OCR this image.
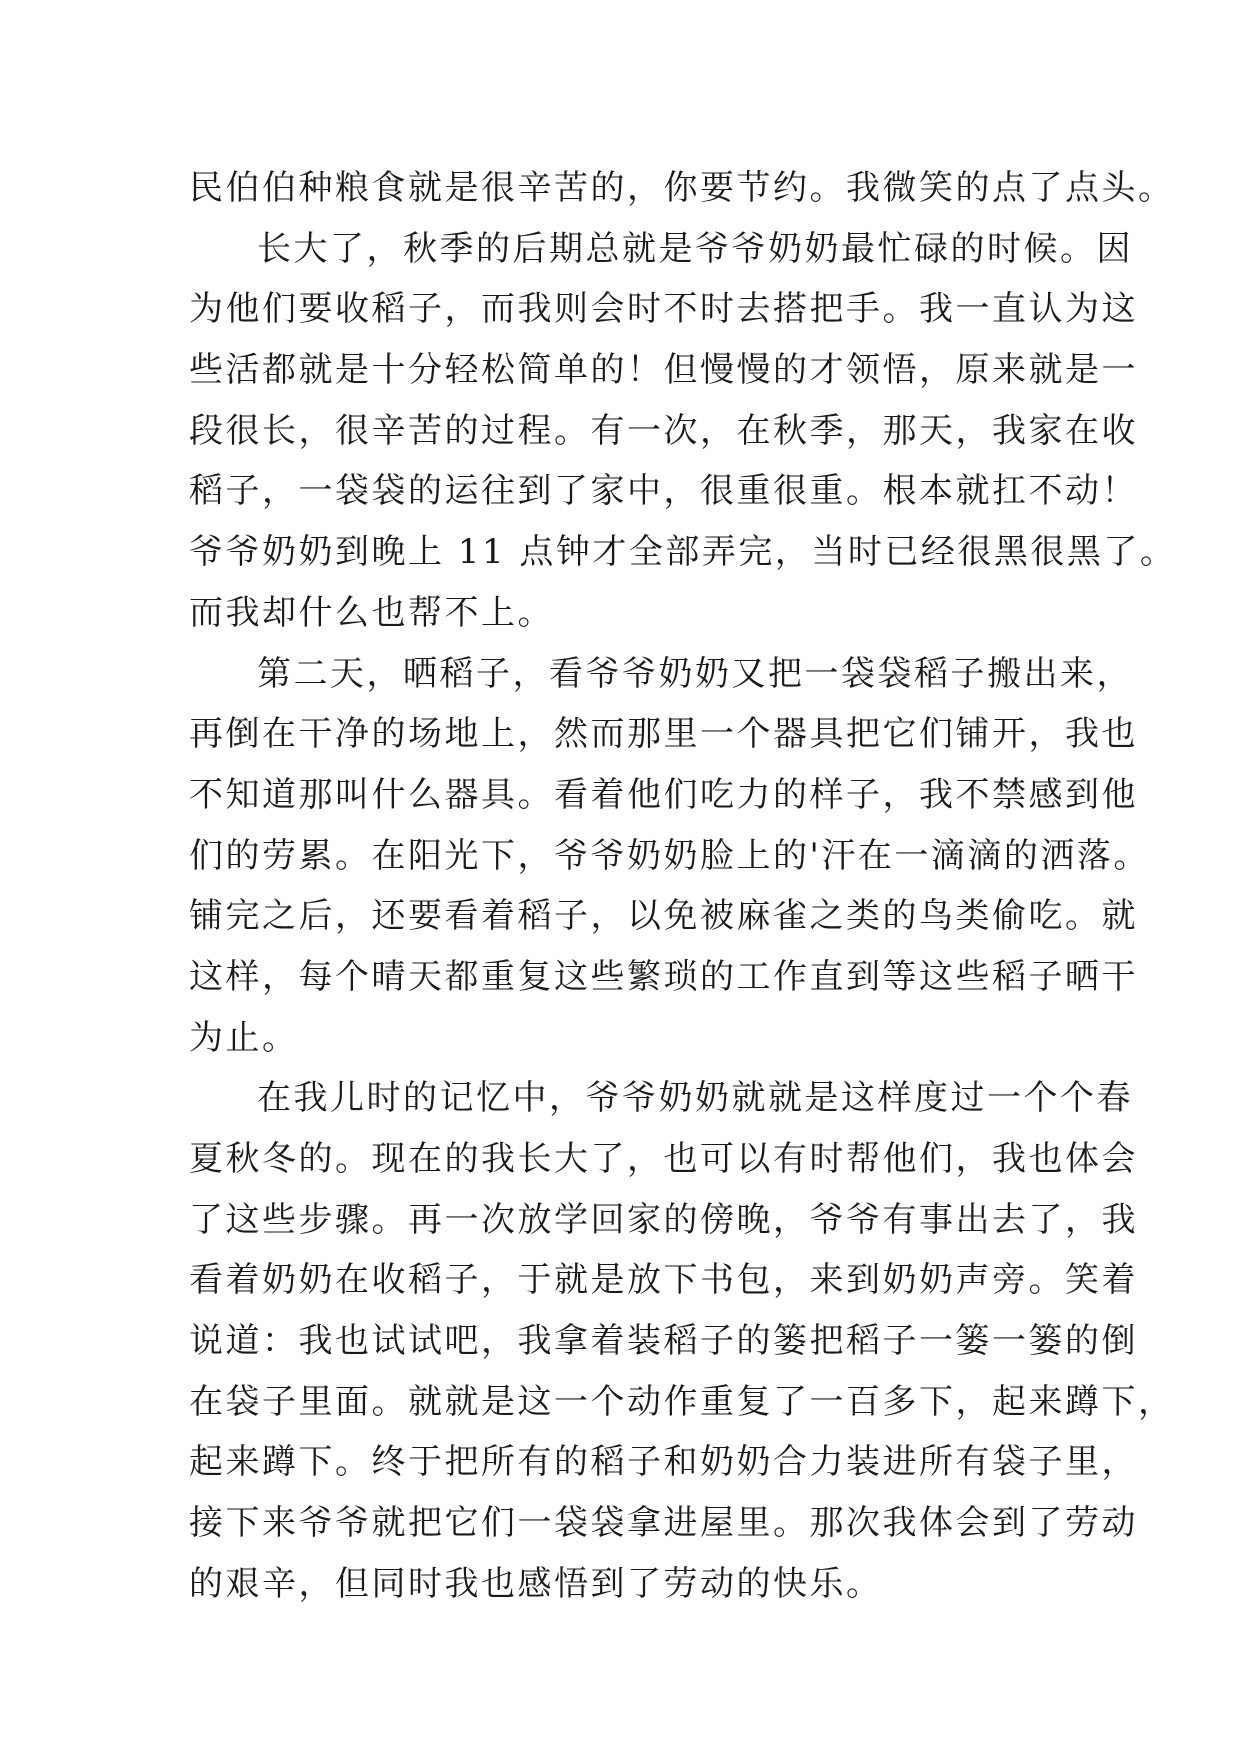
民伯伯种粮食就是很辛苦的，你要节约。我微笑的点了点头。
长大了，秋季的后期总就是爷爷奶奶最忙碌的时候。因
为他们要收稻子，而我则会时不时去搭把手。我一直认为这
些活都就是十分轻松简单的！但慢慢的才领悟，原来就是一
段很长，很辛苦的过程。有一次，在秋季，那天，我家在收
稻子，一袋袋的运往到了家中，很重很重。根本就扛不动！
爷爷奶奶到晚上 11 点钟才全部弄完，当时已经很黑很黑了。
而我却什么也帮不上。
第二天，晒稻子，看爷爷奶奶又把一袋袋稻子搬出来，
再倒在干净的场地上，然而那里一个器具把它们铺开，我也
不知道那叫什么器具。看着他们吃力的样子，我不禁感到他
们的劳累。在阳光下，爷爷奶奶脸上的'汗在一滴滴的洒落。
铺完之后，还要看着稻子，以免被麻雀之类的鸟类偷吃。就
这样，每个晴天都重复这些繁琐的工作直到等这些稻子晒干
为止。
在我儿时的记忆中，爷爷奶奶就就是这样度过一个个春
夏秋冬的。现在的我长大了，也可以有时帮他们，我也体会
了这些步骤。再一次放学回家的傍晚，爷爷有事出去了，我
看着奶奶在收稻子，于就是放下书包，来到奶奶声旁。笑着
说道：我也试试吧，我拿着装稻子的篓把稻子一篓一篓的倒
在袋子里面。就就是这一个动作重复了一百多下，起来蹲下，
起来蹲下。终于把所有的稻子和奶奶合力装进所有袋子里，
接下来爷爷就把它们一袋袋拿进屋里。那次我体会到了劳动
的艰辛，但同时我也感悟到了劳动的快乐。
